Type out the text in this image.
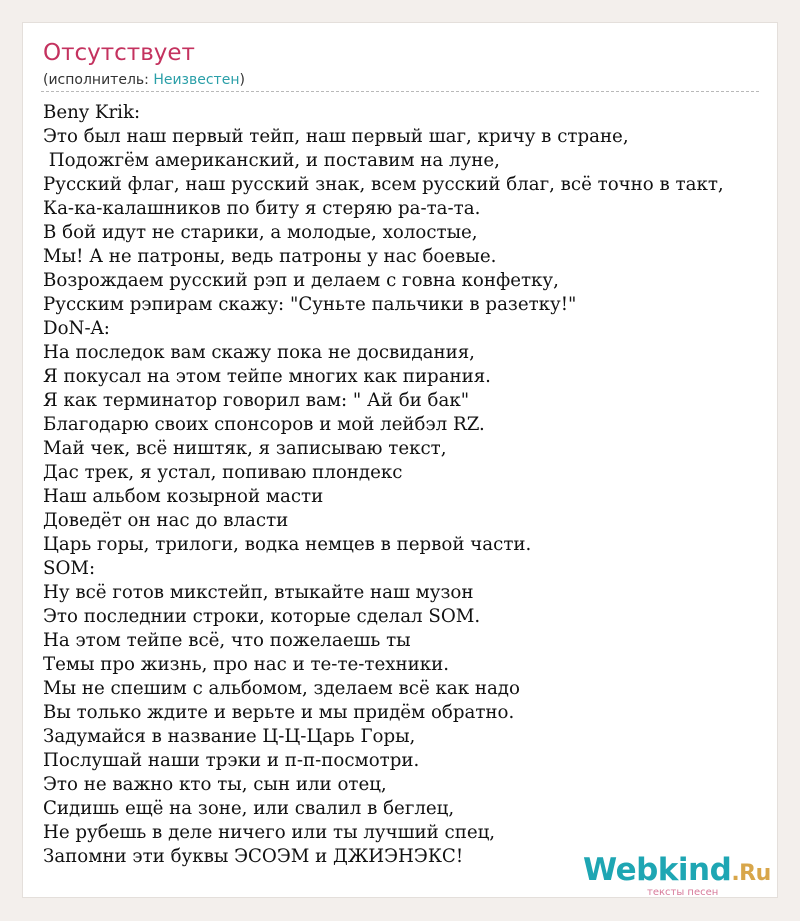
Отсутствует
(исполнитель: Неизвестен)
Beny Krik:
Это был наш первый тейп, наш первый шаг, кричу в стране,
Подожгём американский, и поставим на луне,
Русский флаг, наш русский знак, всем русский благ, всё точно в такт,
Ка-ка-калашников по биту я стеряю ра-та-та.
В бой идут не старики, а молодые, холостые,
Мы! А не патроны, ведь патроны у нас боевые.
Возрождаем русский рэп и делаем с говна конфетку,
Русским рэпирам скажу: "Суньте пальчики в разетку!"
DoN-A:
На последок вам скажу пока не досвидания,
Я покусал на этом тейпе многих как пирания.
Я как терминатор говорил вам: " Ай би бак"
Благодарю своих спонсоров и мой лейбэл RZ.
Май чек, всё ништяк, я записываю текст,
Дас трек, я устал, попиваю плондекс
Наш альбом козырной масти
Доведёт он нас до власти
Царь горы, трилоги, водка немцев в первой части.
SOM:
Ну всё готов микстейп, втыкайте наш музон
Это последнии строки, которые сделал SOM.
На этом тейпе всё, что пожелаешь ты
Темы про жизнь, про нас и те-те-техники.
Мы не спешим с альбомом, зделаем всё как надо
Вы только ждите и верьте и мы придём обратно.
Задумайся в название Ц-Ц-Царь Горы,
Послушай наши трэки и п-п-посмотри.
Это не важно кто ты, сын или отец,
Сидишь ещё на зоне, или свалил в беглец,
Не рубешь в деле ничего или ты лучший спец,
Запомни эти буквы ЭСОЭМ и ДЖИЭНЭКС!	Webkind.Ru
тексты песен
